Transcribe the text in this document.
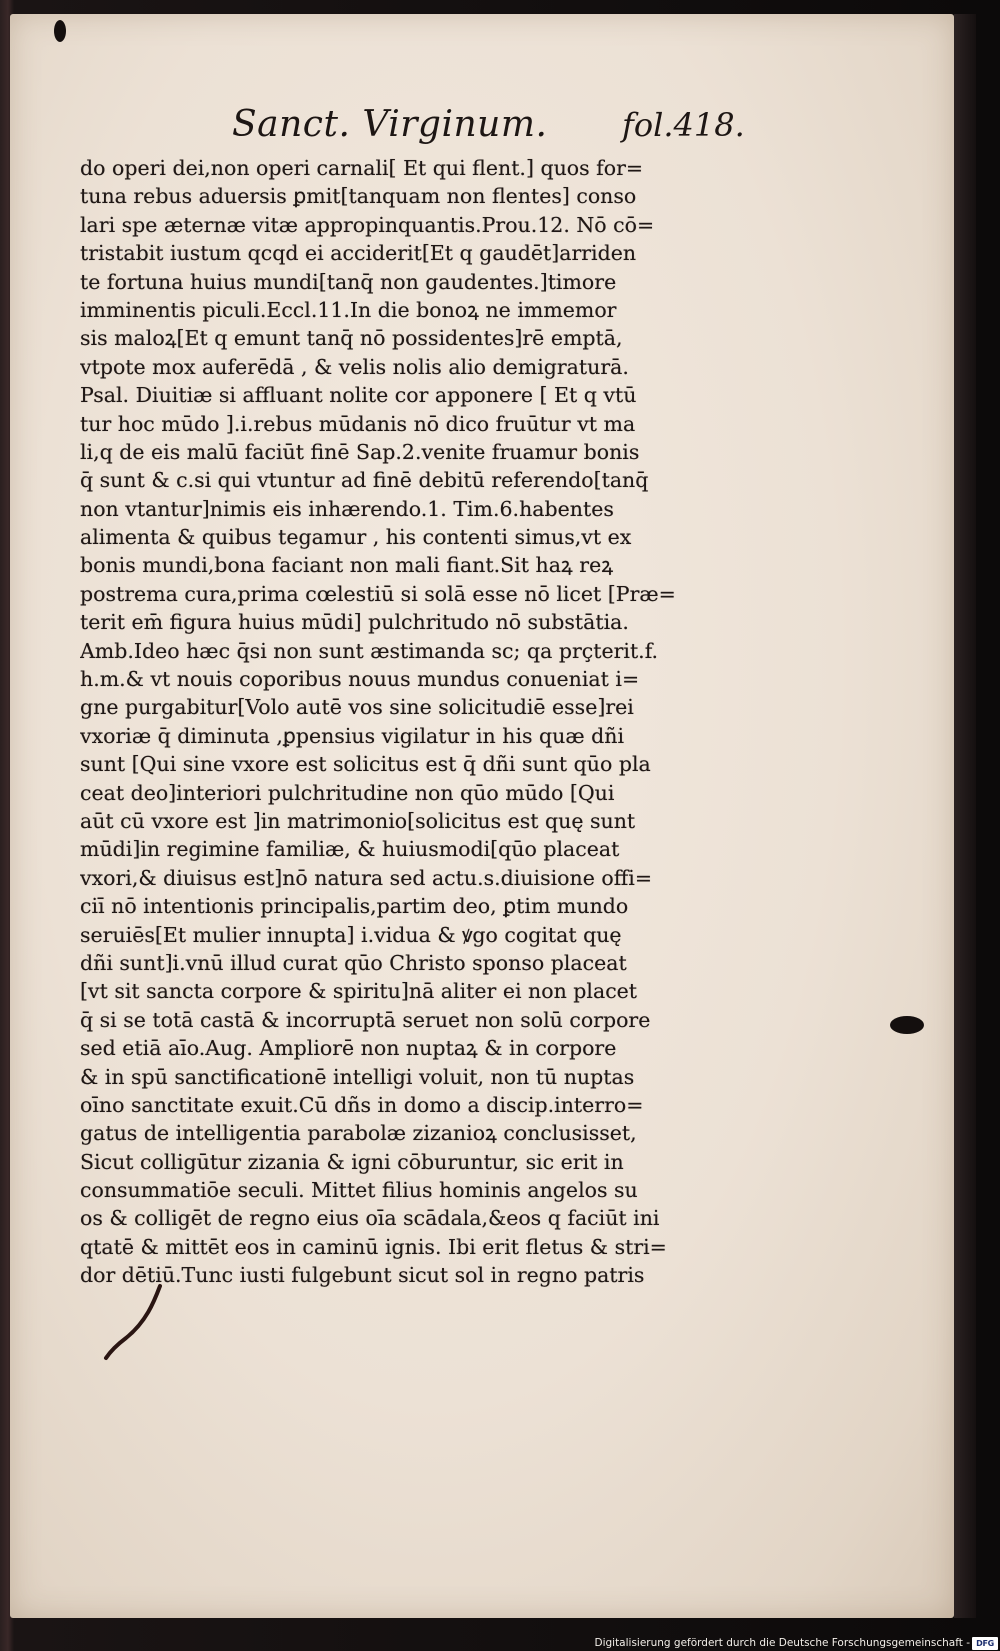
Sanct. Virginum. fol.418.
do operi dei,non operi carnali[ Et qui flent.] quos for=
tuna rebus aduersis ꝑmit[tanquam non flentes] conso
lari spe æternæ vitæ appropinquantis.Prou.12. Nō cō=
tristabit iustum qcqd ei acciderit[Et q gaudēt]arriden
te fortuna huius mundi[tanq̄ non gaudentes.]timore
imminentis piculi.Eccl.11.In die bonoꝝ ne immemor
sis maloꝝ[Et q emunt tanq̄ nō possidentes]rē emptā,
vtpote mox auferēdā , & velis nolis alio demigraturā.
Psal. Diuitiæ si affluant nolite cor apponere [ Et q vtū
tur hoc mūdo ].i.rebus mūdanis nō dico fruūtur vt ma
li,q de eis malū faciūt finē Sap.2.venite fruamur bonis
q̄ sunt & c.si qui vtuntur ad finē debitū referendo[tanq̄
non vtantur]nimis eis inhærendo.1. Tim.6.habentes
alimenta & quibus tegamur , his contenti simus,vt ex
bonis mundi,bona faciant non mali fiant.Sit haꝝ reꝝ
postrema cura,prima cœlestiū si solā esse nō licet [Præ=
terit em̄ figura huius mūdi] pulchritudo nō substātia.
Amb.Ideo hæc q̄si non sunt æstimanda sc; qa prçterit.f.
h.m.& vt nouis coporibus nouus mundus conueniat i=
gne purgabitur[Volo autē vos sine solicitudiē esse]rei
vxoriæ q̄ diminuta ,ꝑpensius vigilatur in his quæ dñi
sunt [Qui sine vxore est solicitus est q̄ dñi sunt qūo pla
ceat deo]interiori pulchritudine non qūo mūdo [Qui
aūt cū vxore est ]in matrimonio[solicitus est quę sunt
mūdi]in regimine familiæ, & huiusmodi[qūo placeat
vxori,& diuisus est]nō natura sed actu.s.diuisione offi=
ciī nō intentionis principalis,partim deo, ꝑtim mundo
seruiēs[Et mulier innupta] i.vidua & ꝟgo cogitat quę
dñi sunt]i.vnū illud curat qūo Christo sponso placeat
[vt sit sancta corpore & spiritu]nā aliter ei non placet
q̄ si se totā castā & incorruptā seruet non solū corpore
sed etiā aīo.Aug. Ampliorē non nuptaꝝ & in corpore
& in spū sanctificationē intelligi voluit, non tū nuptas
oīno sanctitate exuit.Cū dñs in domo a discip.interro=
gatus de intelligentia parabolæ zizanioꝝ conclusisset,
Sicut colligūtur zizania & igni cōburuntur, sic erit in
consummatiōe seculi. Mittet filius hominis angelos su
os & colligēt de regno eius oīa scādala,&eos q faciūt ini
qtatē & mittēt eos in caminū ignis. Ibi erit fletus & stri=
dor dētiū.Tunc iusti fulgebunt sicut sol in regno patris
Digitalisierung gefördert durch die Deutsche Forschungsgemeinschaft - DFG
